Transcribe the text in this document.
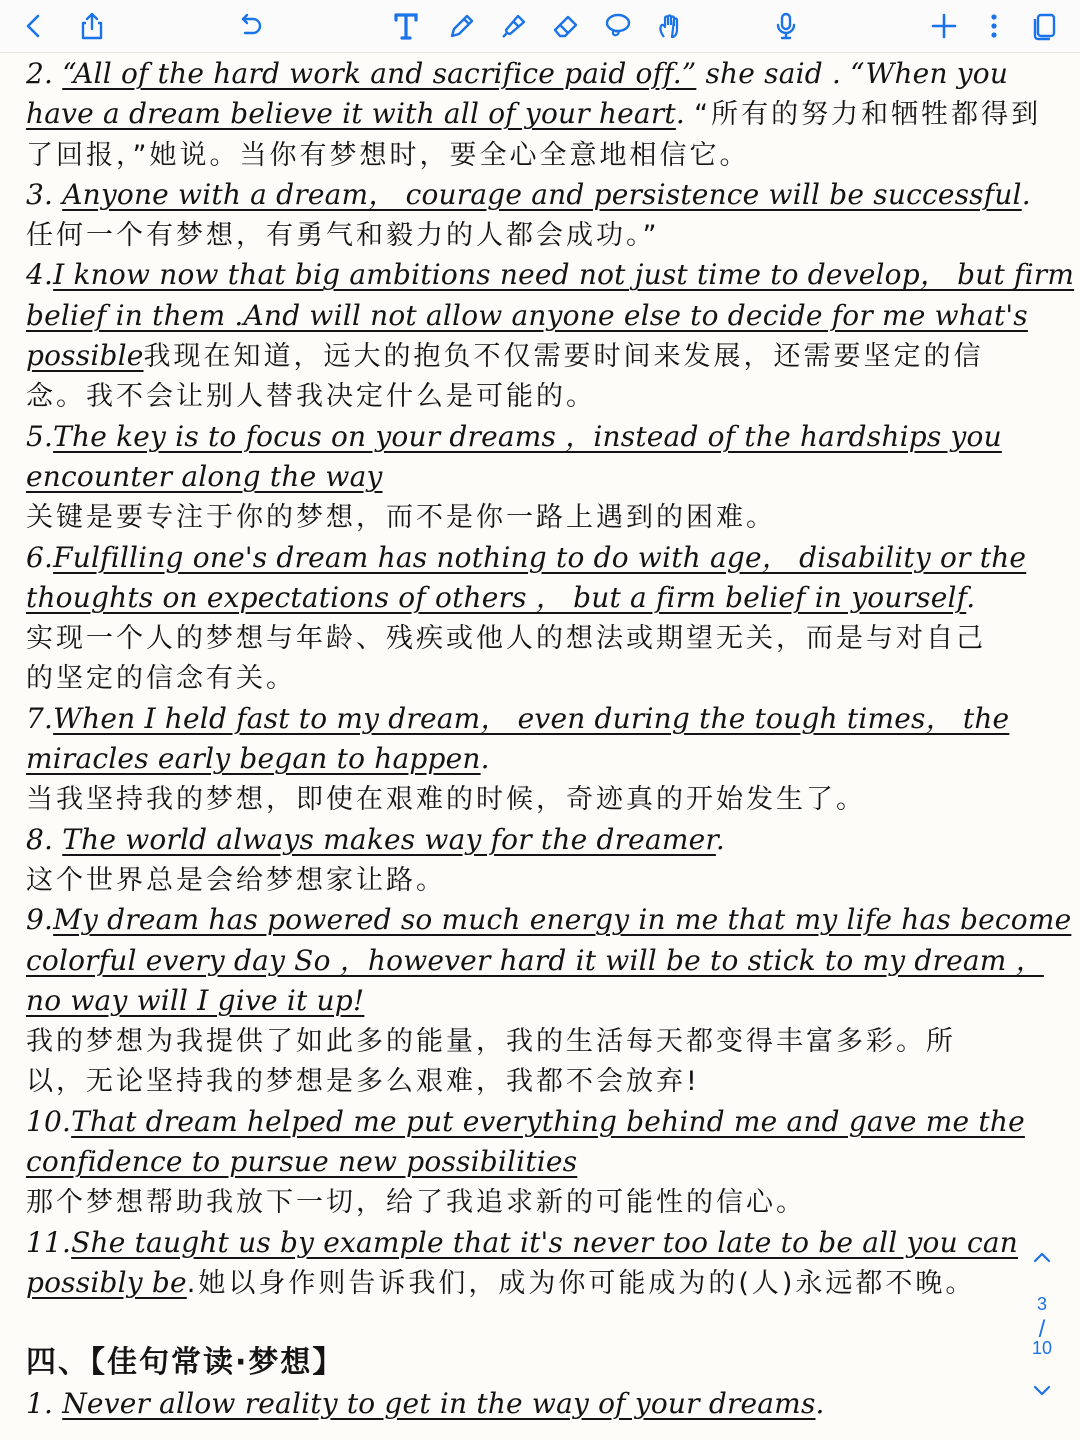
2. “All of the hard work and sacrifice paid off.” she said . “When you
have a dream believe it with all of your heart. “所有的努力和牺牲都得到
了回报，”她说。当你有梦想时，要全心全意地相信它。
3. Anyone with a dream， courage and persistence will be successful.
任何一个有梦想，有勇气和毅力的人都会成功。”
4.I know now that big ambitions need not just time to develop， but firm
belief in them .And will not allow anyone else to decide for me what's
possible我现在知道，远大的抱负不仅需要时间来发展，还需要坚定的信
念。我不会让别人替我决定什么是可能的。
5.The key is to focus on your dreams ，instead of the hardships you
encounter along the way
关键是要专注于你的梦想，而不是你一路上遇到的困难。
6.Fulfilling one's dream has nothing to do with age， disability or the
thoughts on expectations of others ， but a firm belief in yourself.
实现一个人的梦想与年龄、残疾或他人的想法或期望无关，而是与对自己
的坚定的信念有关。
7.When I held fast to my dream， even during the tough times， the
miracles early began to happen.
当我坚持我的梦想，即使在艰难的时候，奇迹真的开始发生了。
8. The world always makes way for the dreamer.
这个世界总是会给梦想家让路。
9.My dream has powered so much energy in me that my life has become
colorful every day So ，however hard it will be to stick to my dream ，
no way will I give it up!
我的梦想为我提供了如此多的能量，我的生活每天都变得丰富多彩。所
以，无论坚持我的梦想是多么艰难，我都不会放弃!
10.That dream helped me put everything behind me and gave me the
confidence to pursue new possibilities
那个梦想帮助我放下一切，给了我追求新的可能性的信心。
11.She taught us by example that it's never too late to be all you can
possibly be.她以身作则告诉我们，成为你可能成为的(人)永远都不晚。
四、【佳句常读·梦想】
1. Never allow reality to get in the way of your dreams.
3
/
10
